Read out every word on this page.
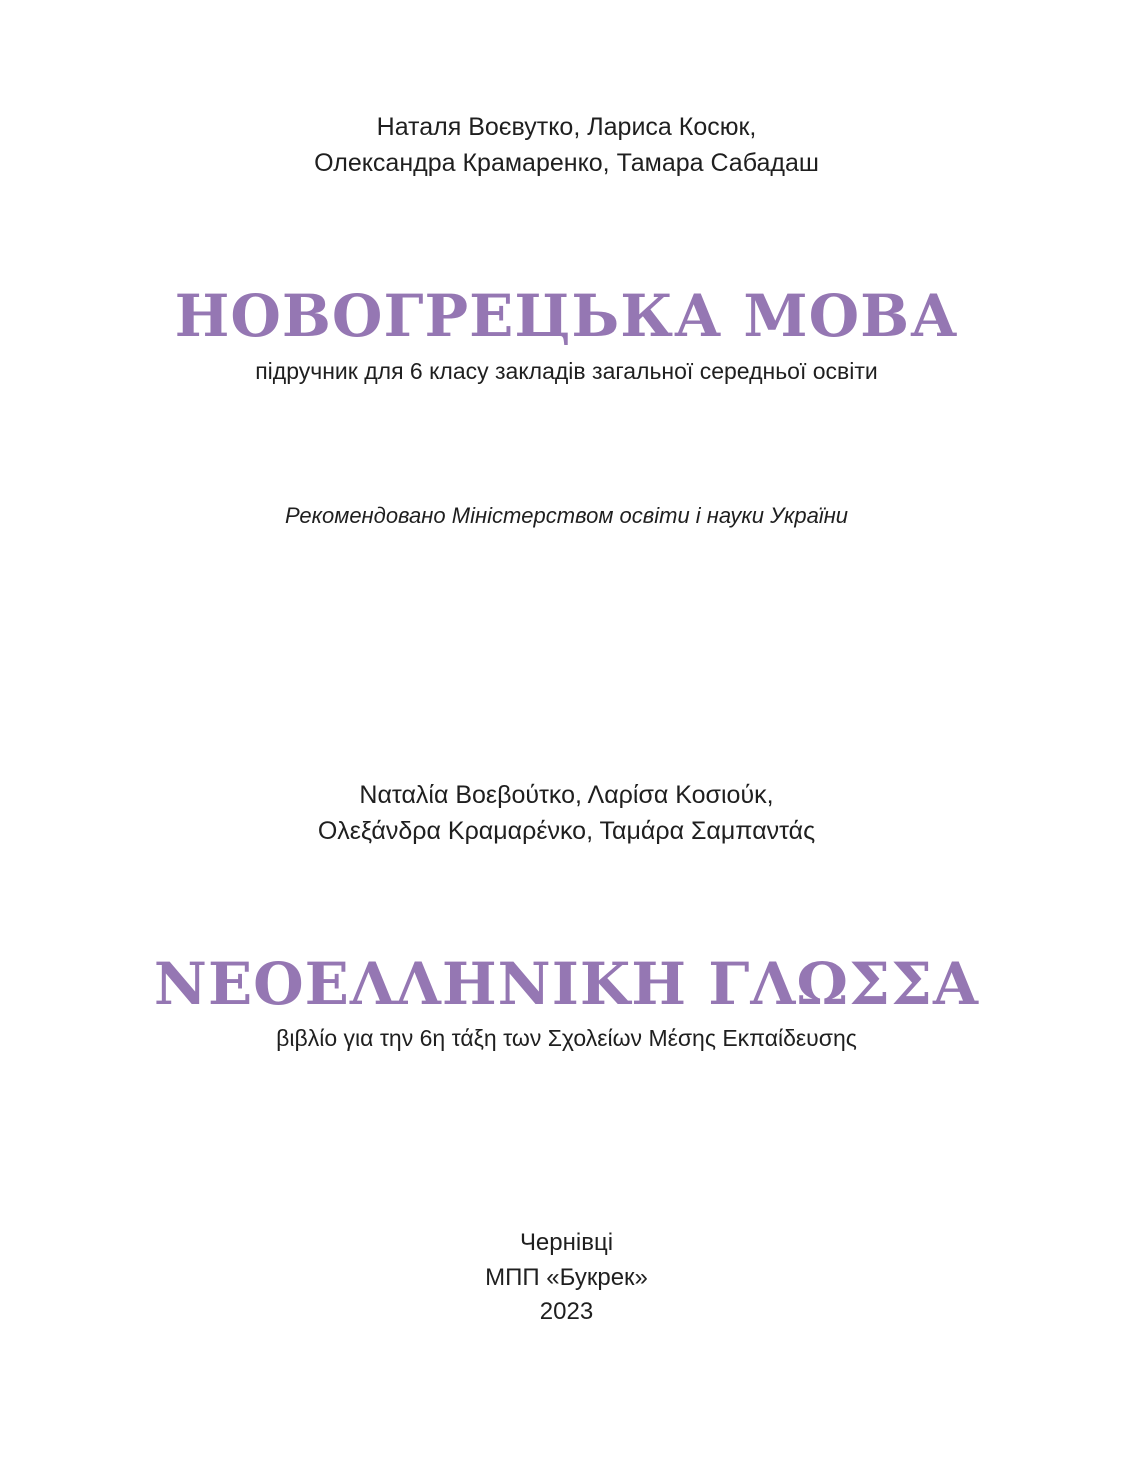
Наталя Воєвутко, Лариса Косюк,
Олександра Крамаренко, Тамара Сабадаш
НОВОГРЕЦЬКА МОВА
підручник для 6 класу закладів загальної середньої освіти
Рекомендовано Міністерством освіти і науки України
Ναταλία Βοεβούτκο, Λαρίσα Κοσιούκ,
Ολεξάνδρα Κραμαρένκο, Ταμάρα Σαμπαντάς
ΝΕΟΕΛΛΗΝΙΚΗ ΓΛΩΣΣΑ
βιβλίο για την 6η τάξη των Σχολείων Μέσης Εκπαίδευσης
Чернівці
МПП «Букрек»
2023
